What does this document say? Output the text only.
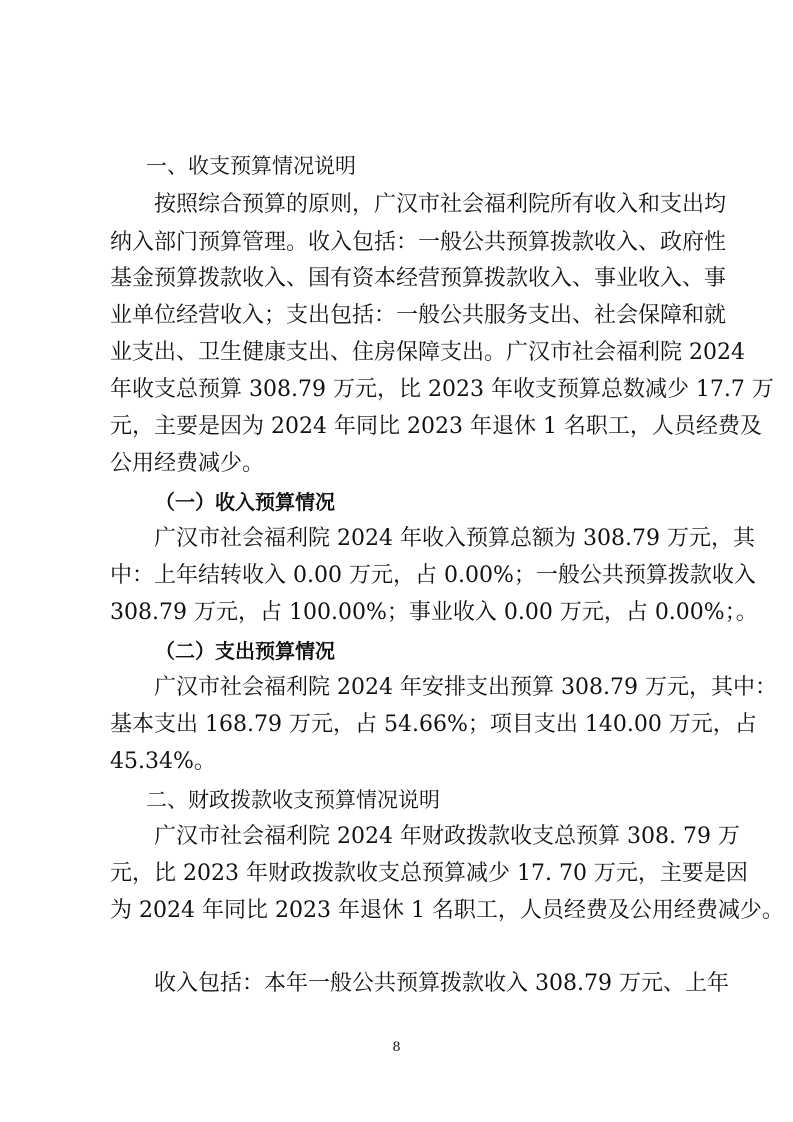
一、收支预算情况说明
按照综合预算的原则，广汉市社会福利院所有收入和支出均
纳入部门预算管理。收入包括：一般公共预算拨款收入、政府性
基金预算拨款收入、国有资本经营预算拨款收入、事业收入、事
业单位经营收入；支出包括：一般公共服务支出、社会保障和就
业支出、卫生健康支出、住房保障支出。广汉市社会福利院 2024
年收支总预算 308.79 万元，比 2023 年收支预算总数减少 17.7 万
元，主要是因为 2024 年同比 2023 年退休 1 名职工，人员经费及
公用经费减少。
（一）收入预算情况
广汉市社会福利院 2024 年收入预算总额为 308.79 万元，其
中：上年结转收入 0.00 万元，占 0.00%；一般公共预算拨款收入
308.79 万元，占 100.00%；事业收入 0.00 万元，占 0.00%；。
（二）支出预算情况
广汉市社会福利院 2024 年安排支出预算 308.79 万元，其中：
基本支出 168.79 万元，占 54.66%；项目支出 140.00 万元，占
45.34%。
二、财政拨款收支预算情况说明
广汉市社会福利院 2024 年财政拨款收支总预算 308. 79 万
元，比 2023 年财政拨款收支总预算减少 17. 70 万元，主要是因
为 2024 年同比 2023 年退休 1 名职工，人员经费及公用经费减少。
收入包括：本年一般公共预算拨款收入 308.79 万元、上年
8
